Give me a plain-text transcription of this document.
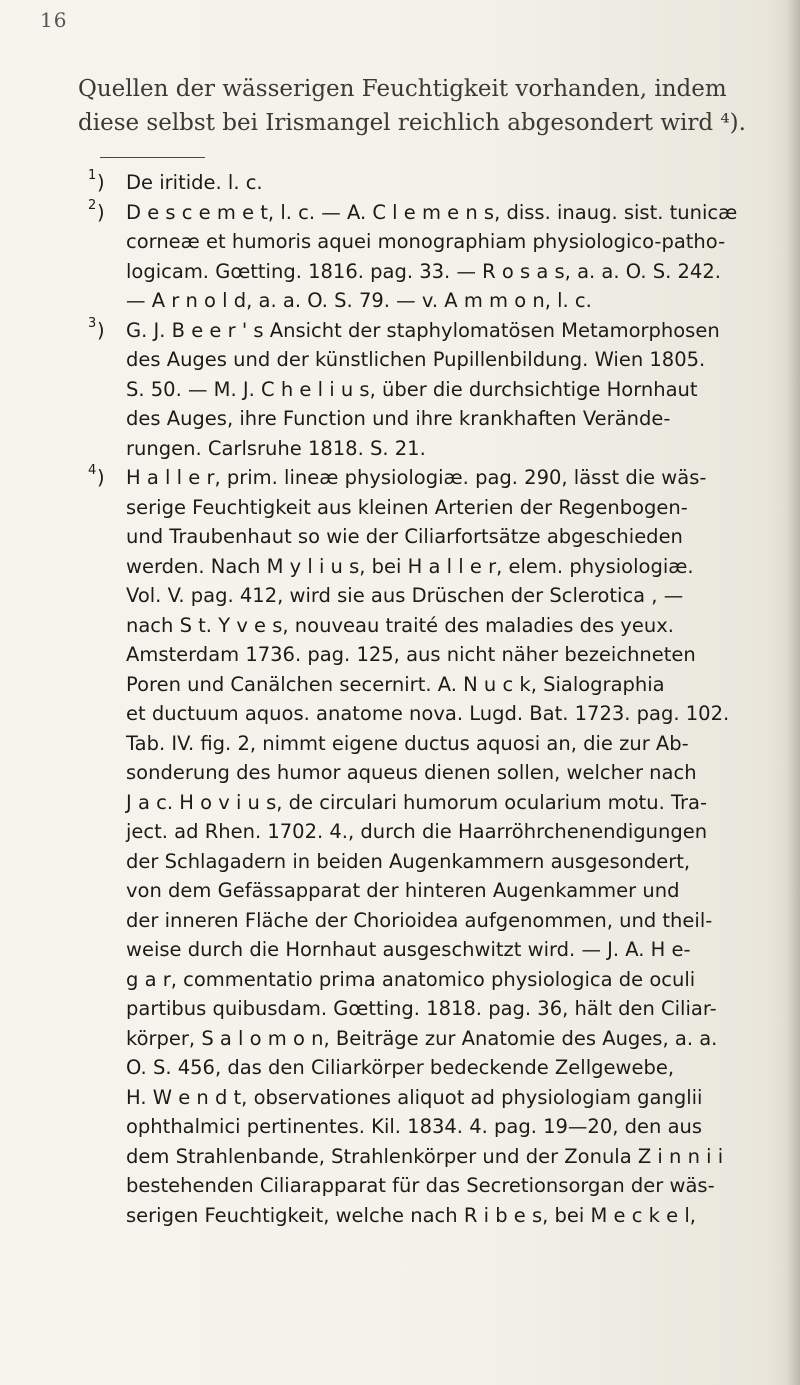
16
Quellen der wässerigen Feuchtigkeit vorhanden, indem
diese selbst bei Irismangel reichlich abgesondert wird ⁴).
1 ) De iritide. l. c.
2 ) D e s c e m e t, l. c. — A. C l e m e n s, diss. inaug. sist. tunicæ
corneæ et humoris aquei monographiam physiologico-patho-
logicam. Gœtting. 1816. pag. 33. — R o s a s, a. a. O. S. 242.
— A r n o l d, a. a. O. S. 79. — v. A m m o n, l. c.
3 ) G. J. B e e r ' s Ansicht der staphylomatösen Metamorphosen
des Auges und der künstlichen Pupillenbildung. Wien 1805.
S. 50. — M. J. C h e l i u s, über die durchsichtige Hornhaut
des Auges, ihre Function und ihre krankhaften Verände-
rungen. Carlsruhe 1818. S. 21.
4 ) H a l l e r, prim. lineæ physiologiæ. pag. 290, lässt die wäs-
serige Feuchtigkeit aus kleinen Arterien der Regenbogen-
und Traubenhaut so wie der Ciliarfortsätze abgeschieden
werden. Nach M y l i u s, bei H a l l e r, elem. physiologiæ.
Vol. V. pag. 412, wird sie aus Drüschen der Sclerotica , —
nach S t. Y v e s, nouveau traité des maladies des yeux.
Amsterdam 1736. pag. 125, aus nicht näher bezeichneten
Poren und Canälchen secernirt. A. N u c k, Sialographia
et ductuum aquos. anatome nova. Lugd. Bat. 1723. pag. 102.
Tab. IV. fig. 2, nimmt eigene ductus aquosi an, die zur Ab-
sonderung des humor aqueus dienen sollen, welcher nach
J a c. H o v i u s, de circulari humorum ocularium motu. Tra-
ject. ad Rhen. 1702. 4., durch die Haarröhrchenendigungen
der Schlagadern in beiden Augenkammern ausgesondert,
von dem Gefässapparat der hinteren Augenkammer und
der inneren Fläche der Chorioidea aufgenommen, und theil-
weise durch die Hornhaut ausgeschwitzt wird. — J. A. H e-
g a r, commentatio prima anatomico physiologica de oculi
partibus quibusdam. Gœtting. 1818. pag. 36, hält den Ciliar-
körper, S a l o m o n, Beiträge zur Anatomie des Auges, a. a.
O. S. 456, das den Ciliarkörper bedeckende Zellgewebe,
H. W e n d t, observationes aliquot ad physiologiam ganglii
ophthalmici pertinentes. Kil. 1834. 4. pag. 19—20, den aus
dem Strahlenbande, Strahlenkörper und der Zonula Z i n n i i
bestehenden Ciliarapparat für das Secretionsorgan der wäs-
serigen Feuchtigkeit, welche nach R i b e s, bei M e c k e l,
